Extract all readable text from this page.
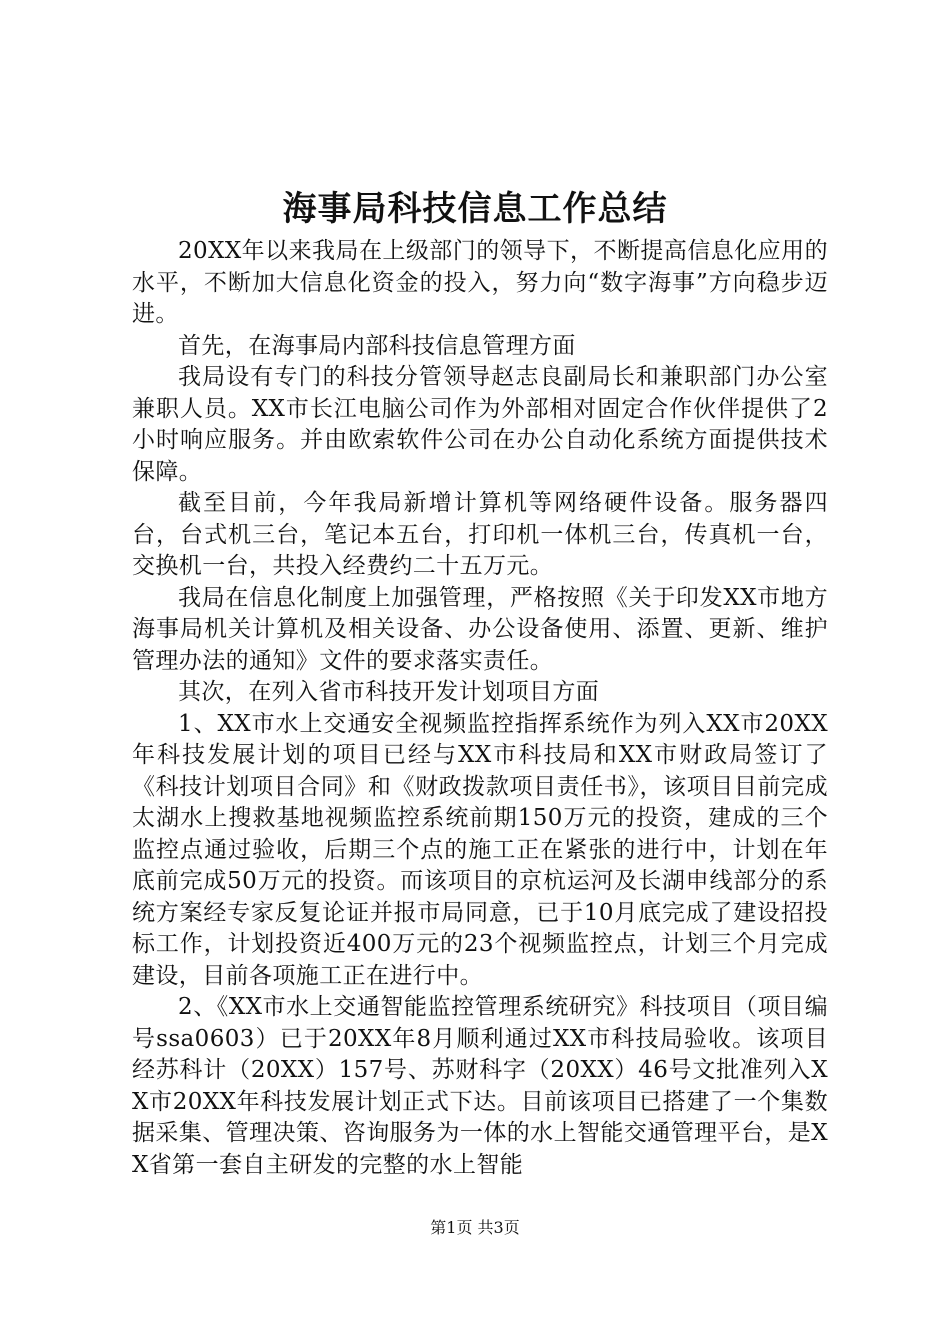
海事局科技信息工作总结

20XX年以来我局在上级部门的领导下，不断提高信息化应用的水平，不断加大信息化资金的投入，努力向“数字海事”方向稳步迈进。

首先，在海事局内部科技信息管理方面

我局设有专门的科技分管领导赵志良副局长和兼职部门办公室兼职人员。XX市长江电脑公司作为外部相对固定合作伙伴提供了2小时响应服务。并由欧索软件公司在办公自动化系统方面提供技术保障。

截至目前，今年我局新增计算机等网络硬件设备。服务器四台，台式机三台，笔记本五台，打印机一体机三台，传真机一台，交换机一台，共投入经费约二十五万元。

我局在信息化制度上加强管理，严格按照《关于印发XX市地方海事局机关计算机及相关设备、办公设备使用、添置、更新、维护管理办法的通知》文件的要求落实责任。

其次，在列入省市科技开发计划项目方面

1、XX市水上交通安全视频监控指挥系统作为列入XX市20XX年科技发展计划的项目已经与XX市科技局和XX市财政局签订了《科技计划项目合同》和《财政拨款项目责任书》，该项目目前完成太湖水上搜救基地视频监控系统前期150万元的投资，建成的三个监控点通过验收，后期三个点的施工正在紧张的进行中，计划在年底前完成50万元的投资。而该项目的京杭运河及长湖申线部分的系统方案经专家反复论证并报市局同意，已于10月底完成了建设招投标工作，计划投资近400万元的23个视频监控点，计划三个月完成建设，目前各项施工正在进行中。

2、《XX市水上交通智能监控管理系统研究》科技项目（项目编号ssa0603）已于20XX年8月顺利通过XX市科技局验收。该项目经苏科计（20XX）157号、苏财科字（20XX）46号文批准列入XX市20XX年科技发展计划正式下达。目前该项目已搭建了一个集数据采集、管理决策、咨询服务为一体的水上智能交通管理平台，是XX省第一套自主研发的完整的水上智能

第1页 共3页
